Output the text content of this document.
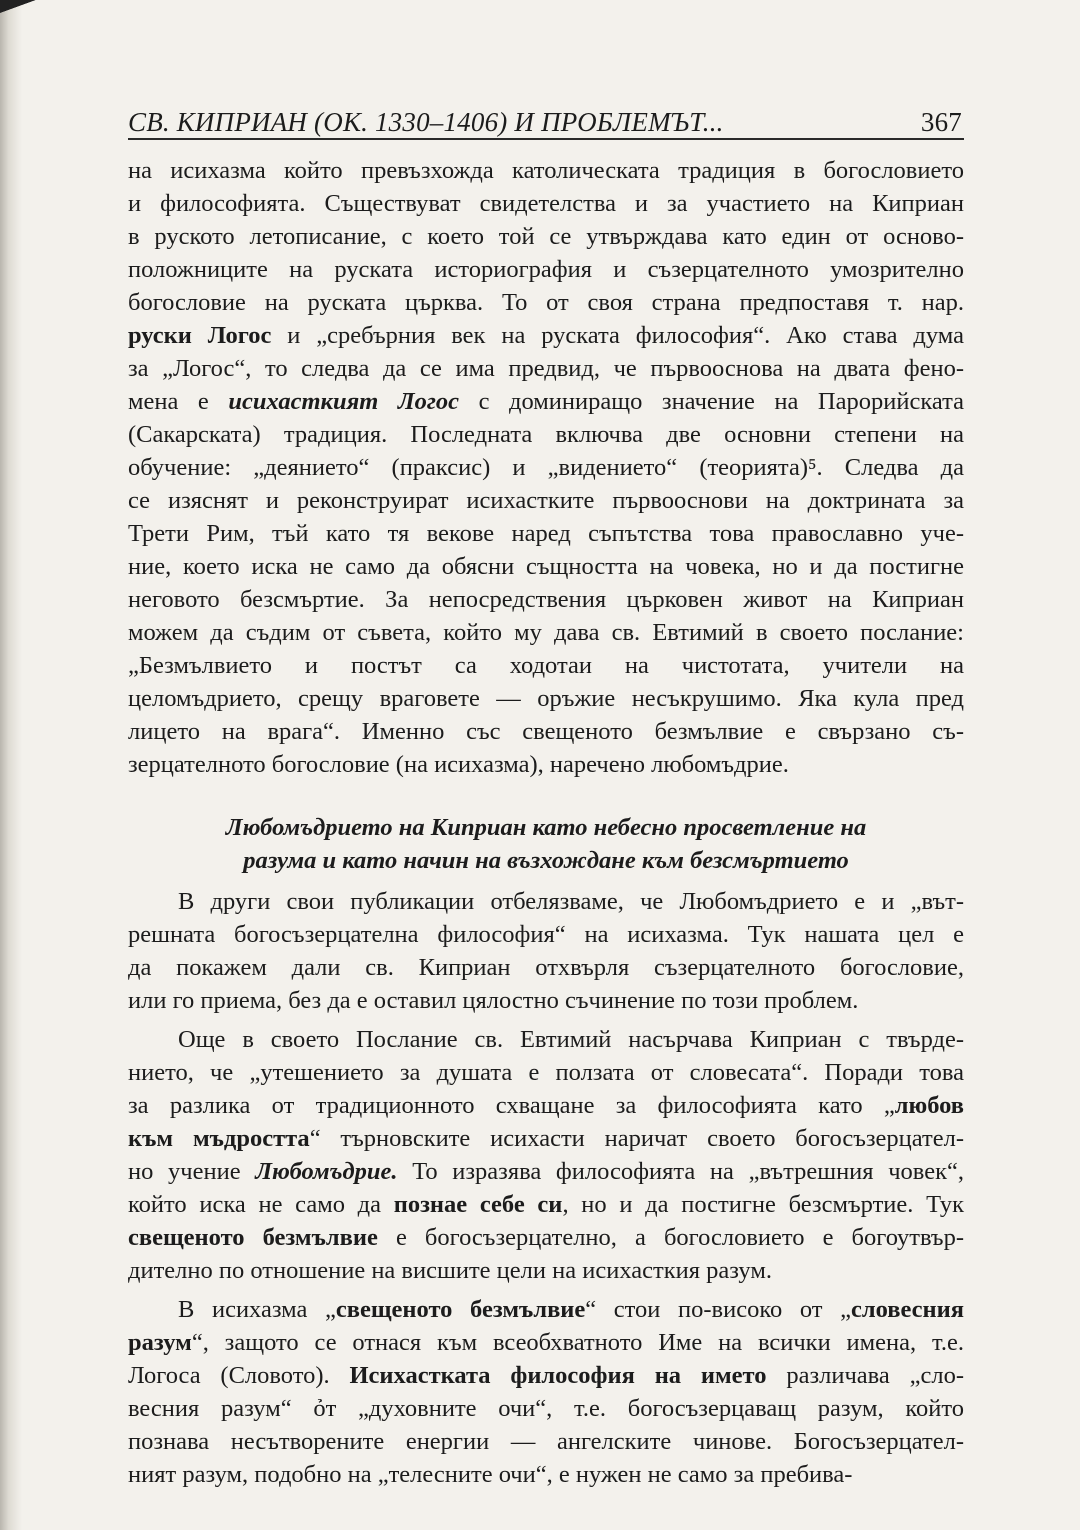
СВ. КИПРИАН (ОК. 1330–1406) И ПРОБЛЕМЪТ...	367
на исихазма който превъзхожда католическата традиция в богословието
и философията. Съществуват свидетелства и за участието на Киприан
в руското летописание, с което той се утвърждава като един от осново-
положниците на руската историография и съзерцателното умозрително
богословие на руската църква. То от своя страна предпоставя т. нар.
руски Логос и „сребърния век на руската философия“. Ако става дума
за „Логос“, то следва да се има предвид, че първооснова на двата фено-
мена е исихасткият Логос с доминиращо значение на Парорийската
(Сакарската) традиция. Последната включва две основни степени на
обучение: „деянието“ (праксис) и „видението“ (теорията)⁵. Следва да
се изяснят и реконструират исихастките първооснови на доктрината за
Трети Рим, тъй като тя векове наред съпътства това православно уче-
ние, което иска не само да обясни същността на човека, но и да постигне
неговото безсмъртие. За непосредствения църковен живот на Киприан
можем да съдим от съвета, който му дава св. Евтимий в своето послание:
„Безмълвието и постът са ходотаи на чистотата, учители на
целомъдрието, срещу враговете — оръжие несъкрушимо. Яка кула пред
лицето на врага“. Именно със свещеното безмълвие е свързано съ-
зерцателното богословие (на исихазма), наречено любомъдрие.
Любомъдрието на Киприан като небесно просветление на
разума и като начин на възхождане към безсмъртието
В други свои публикации отбелязваме, че Любомъдрието е и „вът-
решната богосъзерцателна философия“ на исихазма. Тук нашата цел е
да покажем дали св. Киприан отхвърля съзерцателното богословие,
или го приема, без да е оставил цялостно съчинение по този проблем.
Още в своето Послание св. Евтимий насърчава Киприан с твърде-
нието, че „утешението за душата е ползата от словесата“. Поради това
за разлика от традиционното схващане за философията като „любов
към мъдростта“ търновските исихасти наричат своето богосъзерцател-
но учение Любомъдрие. То изразява философията на „вътрешния човек“,
който иска не само да познае себе си, но и да постигне безсмъртие. Тук
свещеното безмълвие е богосъзерцателно, а богословието е богоутвър-
дително по отношение на висшите цели на исихасткия разум.
В исихазма „свещеното безмълвие“ стои по-високо от „словесния
разум“, защото се отнася към всеобхватното Име на всички имена, т.е.
Логоса (Словото). Исихастката философия на името различава „сло-
весния разум“ ỏт „духовните очи“, т.е. богосъзерцаващ разум, който
познава несътворените енергии — ангелските чинове. Богосъзерцател-
ният разум, подобно на „телесните очи“, е нужен не само за пребива-
